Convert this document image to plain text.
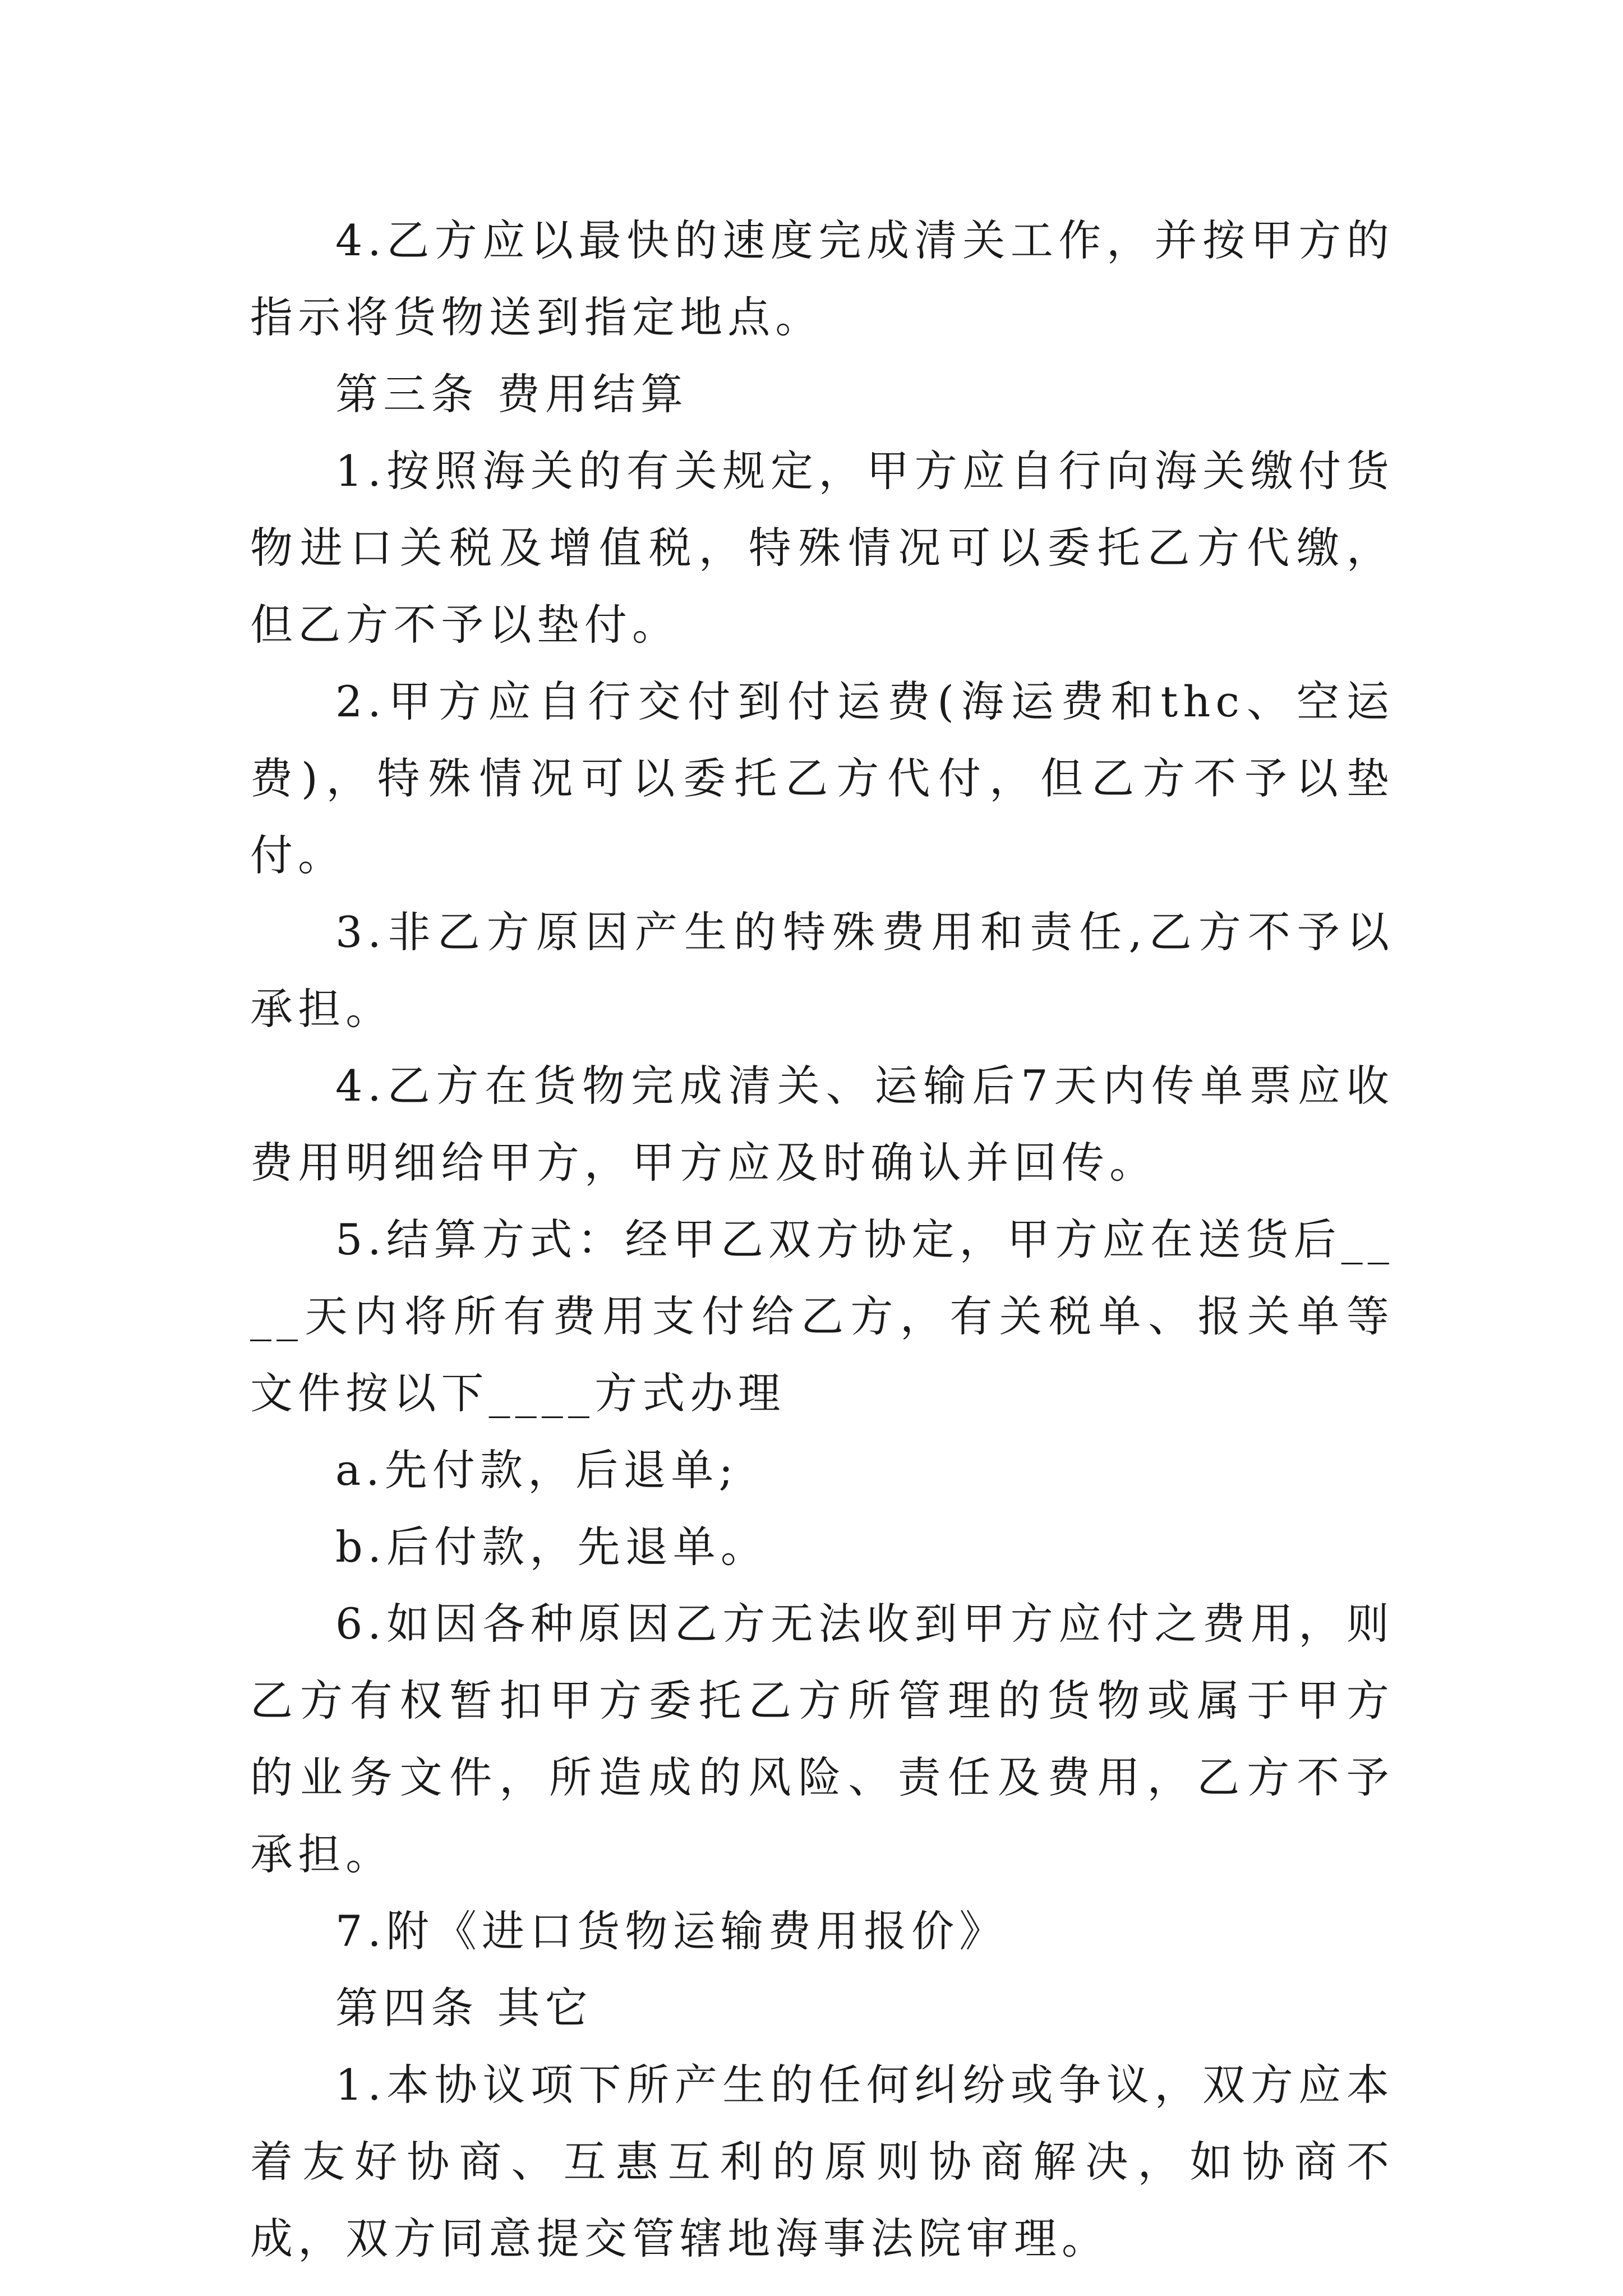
4.乙方应以最快的速度完成清关工作，并按甲方的指示将货物送到指定地点。

第三条 费用结算

1.按照海关的有关规定，甲方应自行向海关缴付货物进口关税及增值税，特殊情况可以委托乙方代缴，但乙方不予以垫付。

2.甲方应自行交付到付运费(海运费和thc、空运费)，特殊情况可以委托乙方代付，但乙方不予以垫付。

3.非乙方原因产生的特殊费用和责任,乙方不予以承担。

4.乙方在货物完成清关、运输后7天内传单票应收费用明细给甲方，甲方应及时确认并回传。

5.结算方式：经甲乙双方协定，甲方应在送货后____天内将所有费用支付给乙方，有关税单、报关单等文件按以下____方式办理

a.先付款，后退单;

b.后付款，先退单。

6.如因各种原因乙方无法收到甲方应付之费用，则乙方有权暂扣甲方委托乙方所管理的货物或属于甲方的业务文件，所造成的风险、责任及费用，乙方不予承担。

7.附《进口货物运输费用报价》

第四条 其它

1.本协议项下所产生的任何纠纷或争议，双方应本着友好协商、互惠互利的原则协商解决，如协商不成，双方同意提交管辖地海事法院审理。
